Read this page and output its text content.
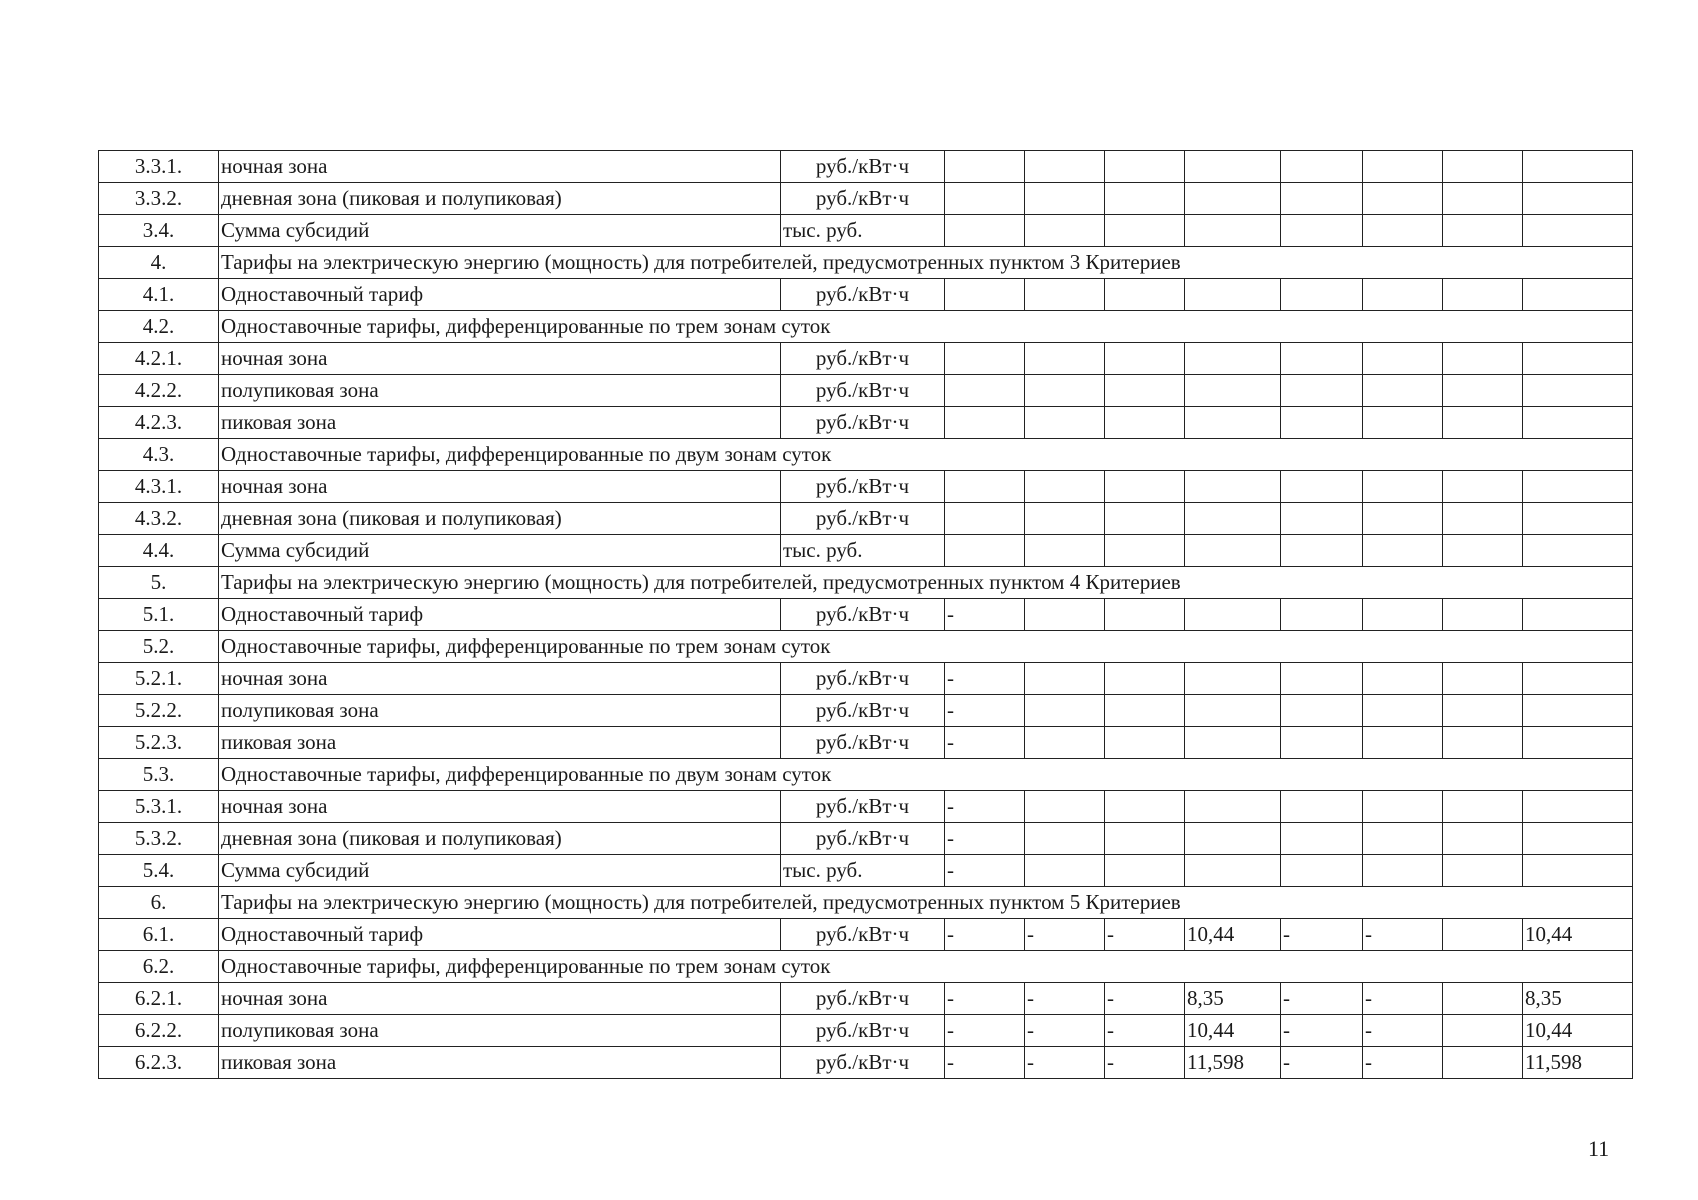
3.3.1.	ночная зона	руб./кВт·ч								
3.3.2.	дневная зона (пиковая и полупиковая)	руб./кВт·ч								
3.4.	Сумма субсидий	тыс. руб.								
4.	Тарифы на электрическую энергию (мощность) для потребителей, предусмотренных пунктом 3 Критериев									
4.1.	Одноставочный тариф	руб./кВт·ч								
4.2.	Одноставочные тарифы, дифференцированные по трем зонам суток									
4.2.1.	ночная зона	руб./кВт·ч								
4.2.2.	полупиковая зона	руб./кВт·ч								
4.2.3.	пиковая зона	руб./кВт·ч								
4.3.	Одноставочные тарифы, дифференцированные по двум зонам суток									
4.3.1.	ночная зона	руб./кВт·ч								
4.3.2.	дневная зона (пиковая и полупиковая)	руб./кВт·ч								
4.4.	Сумма субсидий	тыс. руб.								
5.	Тарифы на электрическую энергию (мощность) для потребителей, предусмотренных пунктом 4 Критериев									
5.1.	Одноставочный тариф	руб./кВт·ч	-							
5.2.	Одноставочные тарифы, дифференцированные по трем зонам суток									
5.2.1.	ночная зона	руб./кВт·ч	-							
5.2.2.	полупиковая зона	руб./кВт·ч	-							
5.2.3.	пиковая зона	руб./кВт·ч	-							
5.3.	Одноставочные тарифы, дифференцированные по двум зонам суток									
5.3.1.	ночная зона	руб./кВт·ч	-							
5.3.2.	дневная зона (пиковая и полупиковая)	руб./кВт·ч	-							
5.4.	Сумма субсидий	тыс. руб.	-							
6.	Тарифы на электрическую энергию (мощность) для потребителей, предусмотренных пунктом 5 Критериев									
6.1.	Одноставочный тариф	руб./кВт·ч	-	-	-	10,44	-	-		10,44
6.2.	Одноставочные тарифы, дифференцированные по трем зонам суток									
6.2.1.	ночная зона	руб./кВт·ч	-	-	-	8,35	-	-		8,35
6.2.2.	полупиковая зона	руб./кВт·ч	-	-	-	10,44	-	-		10,44
6.2.3.	пиковая зона	руб./кВт·ч	-	-	-	11,598	-	-		11,598
11
